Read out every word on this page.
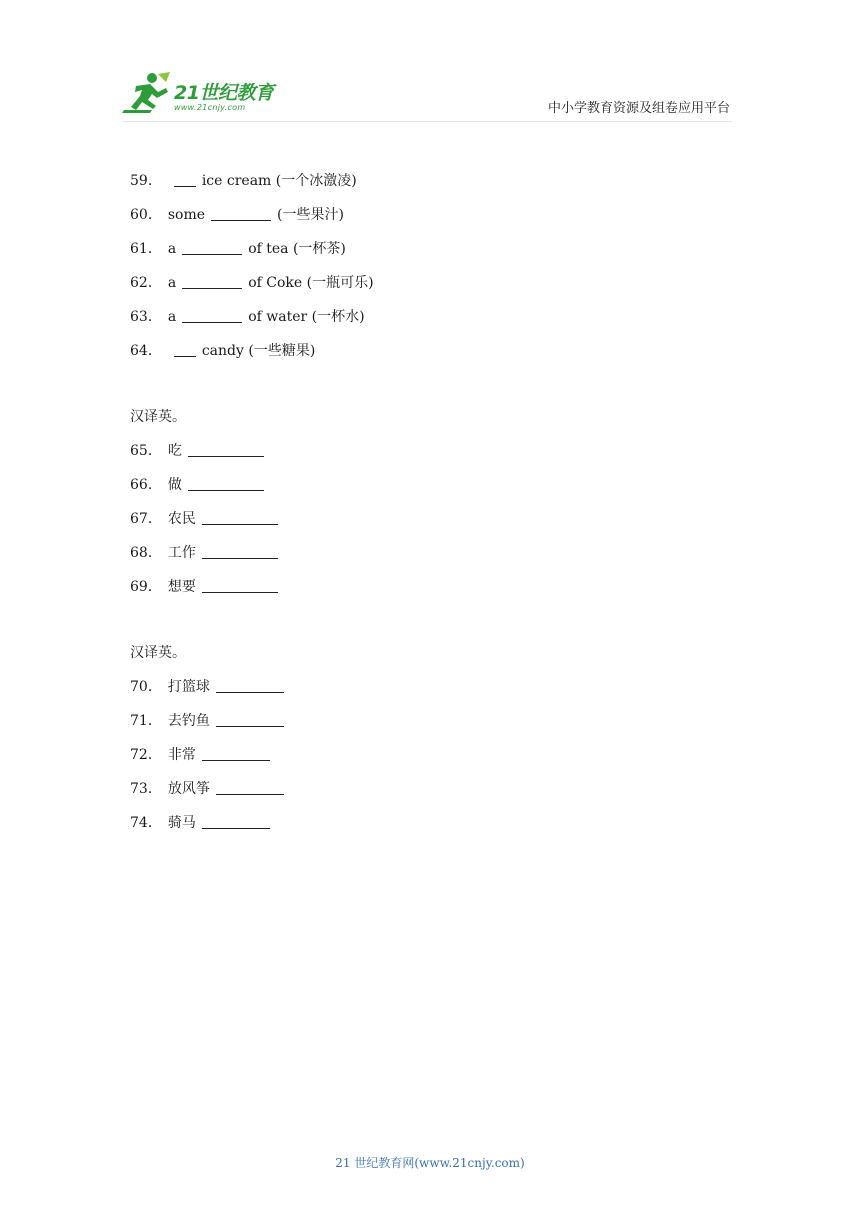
21世纪教育
www.21cnjy.com	中小学教育资源及组卷应用平台
59．	ice cream (一个冰激凌)
60． some	(一些果汁)
61． a	of tea (一杯茶)
62． a	of Coke (一瓶可乐)
63． a	of water (一杯水)
64．	candy (一些糖果)
汉译英。
65． 吃
66． 做
67． 农民
68． 工作
69． 想要
汉译英。
70． 打篮球
71． 去钓鱼
72． 非常
73． 放风筝
74． 骑马
21 世纪教育网(www.21cnjy.com)
